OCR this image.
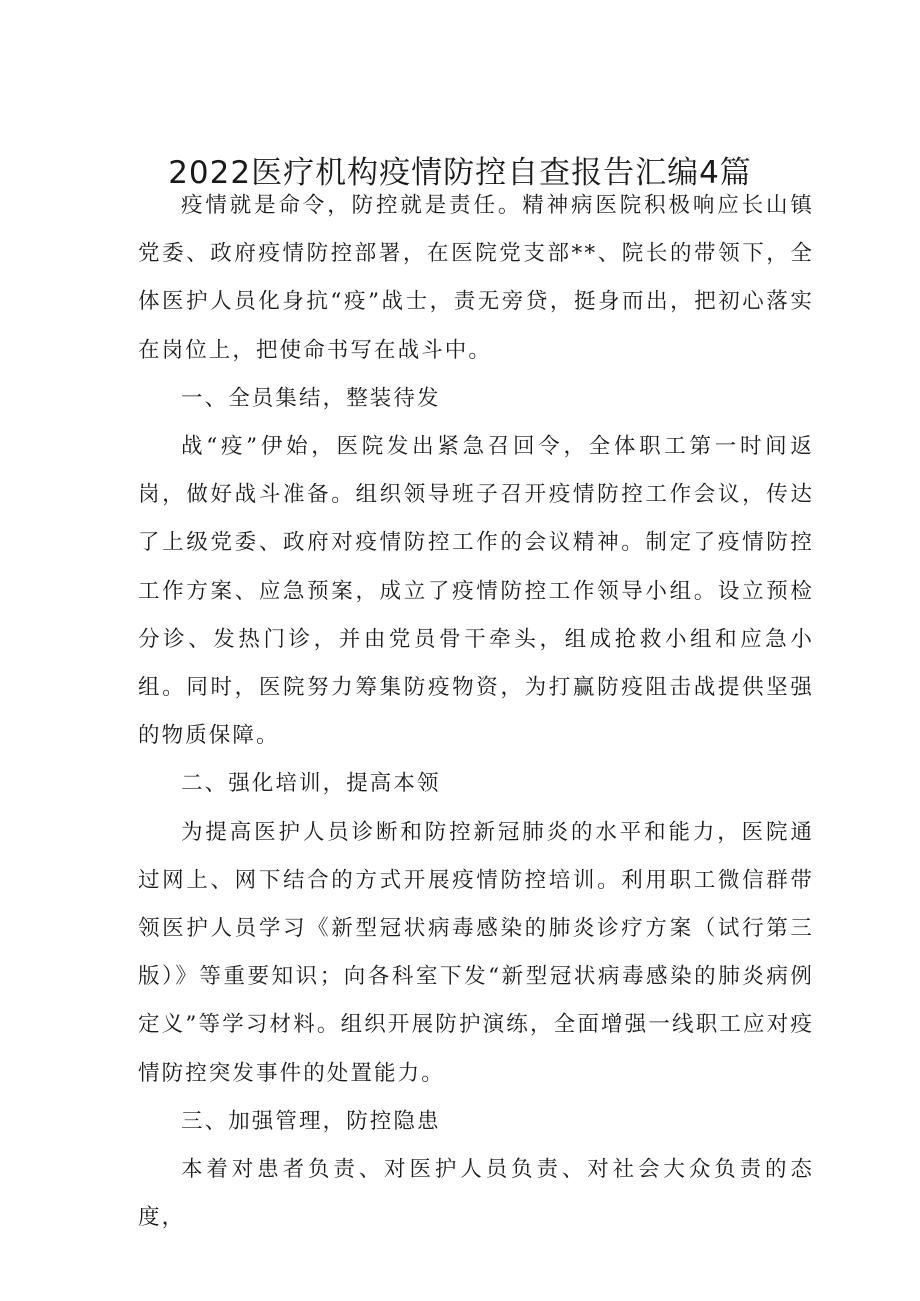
2022医疗机构疫情防控自查报告汇编4篇

疫情就是命令，防控就是责任。精神病医院积极响应长山镇党委、政府疫情防控部署，在医院党支部**、院长的带领下，全体医护人员化身抗“疫”战士，责无旁贷，挺身而出，把初心落实在岗位上，把使命书写在战斗中。

一、全员集结，整装待发

战“疫”伊始，医院发出紧急召回令，全体职工第一时间返岗，做好战斗准备。组织领导班子召开疫情防控工作会议，传达了上级党委、政府对疫情防控工作的会议精神。制定了疫情防控工作方案、应急预案，成立了疫情防控工作领导小组。设立预检分诊、发热门诊，并由党员骨干牵头，组成抢救小组和应急小组。同时，医院努力筹集防疫物资，为打赢防疫阻击战提供坚强的物质保障。

二、强化培训，提高本领

为提高医护人员诊断和防控新冠肺炎的水平和能力，医院通过网上、网下结合的方式开展疫情防控培训。利用职工微信群带领医护人员学习《新型冠状病毒感染的肺炎诊疗方案（试行第三版）》等重要知识；向各科室下发“新型冠状病毒感染的肺炎病例定义”等学习材料。组织开展防护演练，全面增强一线职工应对疫情防控突发事件的处置能力。

三、加强管理，防控隐患

本着对患者负责、对医护人员负责、对社会大众负责的态度，
